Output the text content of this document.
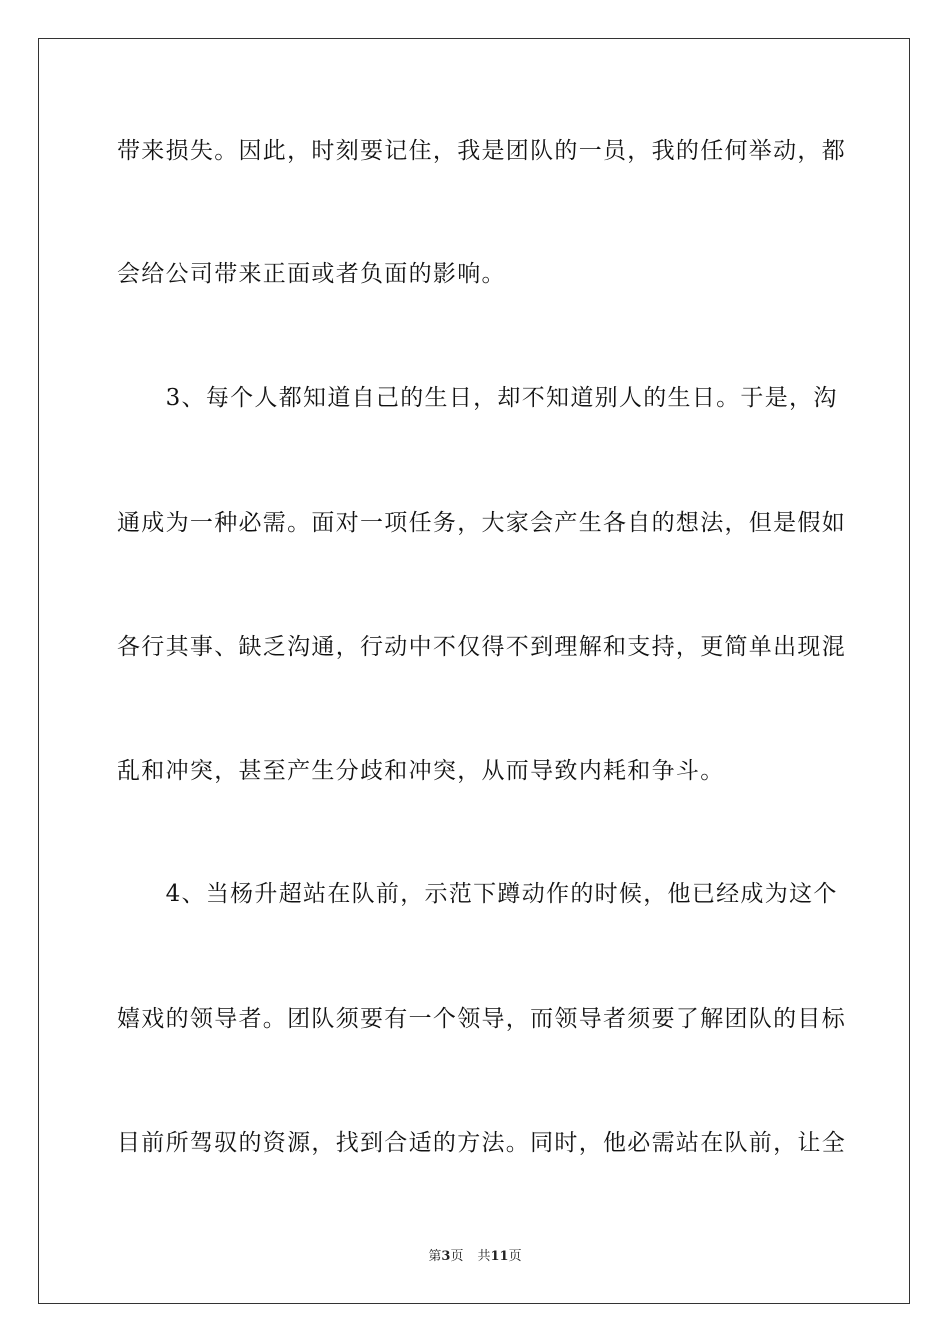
带来损失。因此，时刻要记住，我是团队的一员，我的任何举动，都
会给公司带来正面或者负面的影响。
　　3、每个人都知道自己的生日，却不知道别人的生日。于是，沟
通成为一种必需。面对一项任务，大家会产生各自的想法，但是假如
各行其事、缺乏沟通，行动中不仅得不到理解和支持，更简单出现混
乱和冲突，甚至产生分歧和冲突，从而导致内耗和争斗。
　　4、当杨升超站在队前，示范下蹲动作的时候，他已经成为这个
嬉戏的领导者。团队须要有一个领导，而领导者须要了解团队的目标
目前所驾驭的资源，找到合适的方法。同时，他必需站在队前，让全
第3页 共11页
